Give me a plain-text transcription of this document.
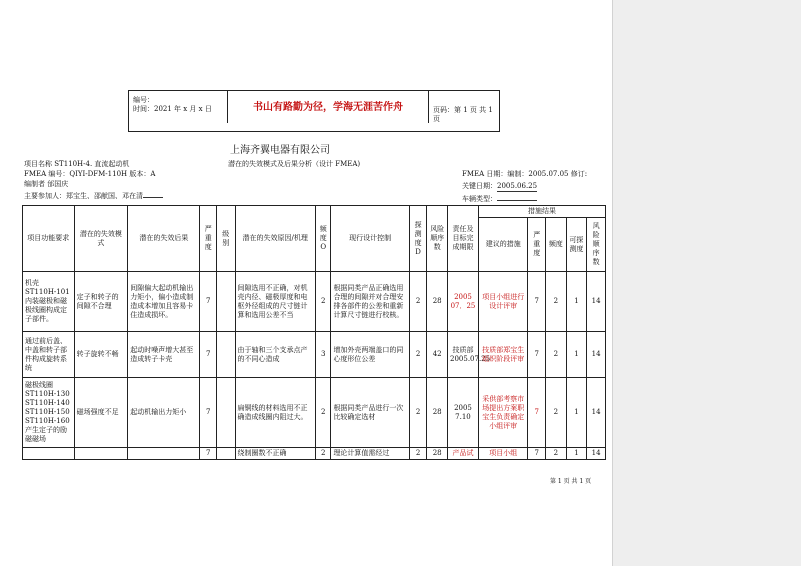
编号：
时间：2021 年 x 月 x 日	书山有路勤为径，学海无涯苦作舟	页码：第 1 页 共 1 页
上海齐翼电器有限公司
项目名称 ST110H-4. 直流起动机	潜在的失效模式及后果分析（设计 FMEA)
FMEA 编号：QIYI-DFM-110H 版本：A	FMEA 日期：编制：2005.07.05 修订:
编制者 邰国庆	关键日期：2005.06.25
主要参加人：郑宝生、邵献国、邓在清	车辆类型：
项目功能要求	潜在的失效模式	潜在的失效后果	严重度	级别	潜在的失效原因/机理	频度 O	现行设计控制	探测度 D	风险顺序数	责任及目标完成期限	措施结果				
											建议的措施	严重度	频度	可探测度	风险顺序数
机壳 ST110H-101 内装磁极和磁极线圈构成定子部件。	定子和转子的间隙不合理	间隙偏大起动机输出力矩小，偏小造成制造成本增加且容易卡住造成损坏。	7		间隙选用不正确，对机壳内径、磁极厚度和电枢外径组成的尺寸链计算和选用公差不当	2	根据同类产品正确选用合理的间隙并对合理安排各部件的公差和重新计算尺寸链进行校核。	2	28	2005 07．25	项目小组进行设计评审	7	2	1	14
通过前后盖、中盖和转子部件构成旋转系统	转子旋转不畅	起动时噪声增大甚至造成转子卡壳	7		由于轴和三个支承点产的不同心造成	3	增加外壳两端盖口的同心度形位公差	2	42	技质部 2005.07.25	技质部郑宝生组织阶段评审	7	2	1	14
磁极线圈 ST110H-130 ST110H-140 ST110H-150 ST110H-160 产生定子的励磁磁场	磁场强度不足	起动机输出力矩小	7		扁铜线的材料选用不正确造成线圈内阻过大。	2	根据同类产品进行一次比较确定选材	2	28	2005 7.10	采供部考察市场提出方案职宝生负责确定小组评审	7	2	1	14
			7		绕制圈数不正确	2	理论计算值需经过	2	28	产品试	项目小组	7	2	1	14
第 1 页 共 1 页
